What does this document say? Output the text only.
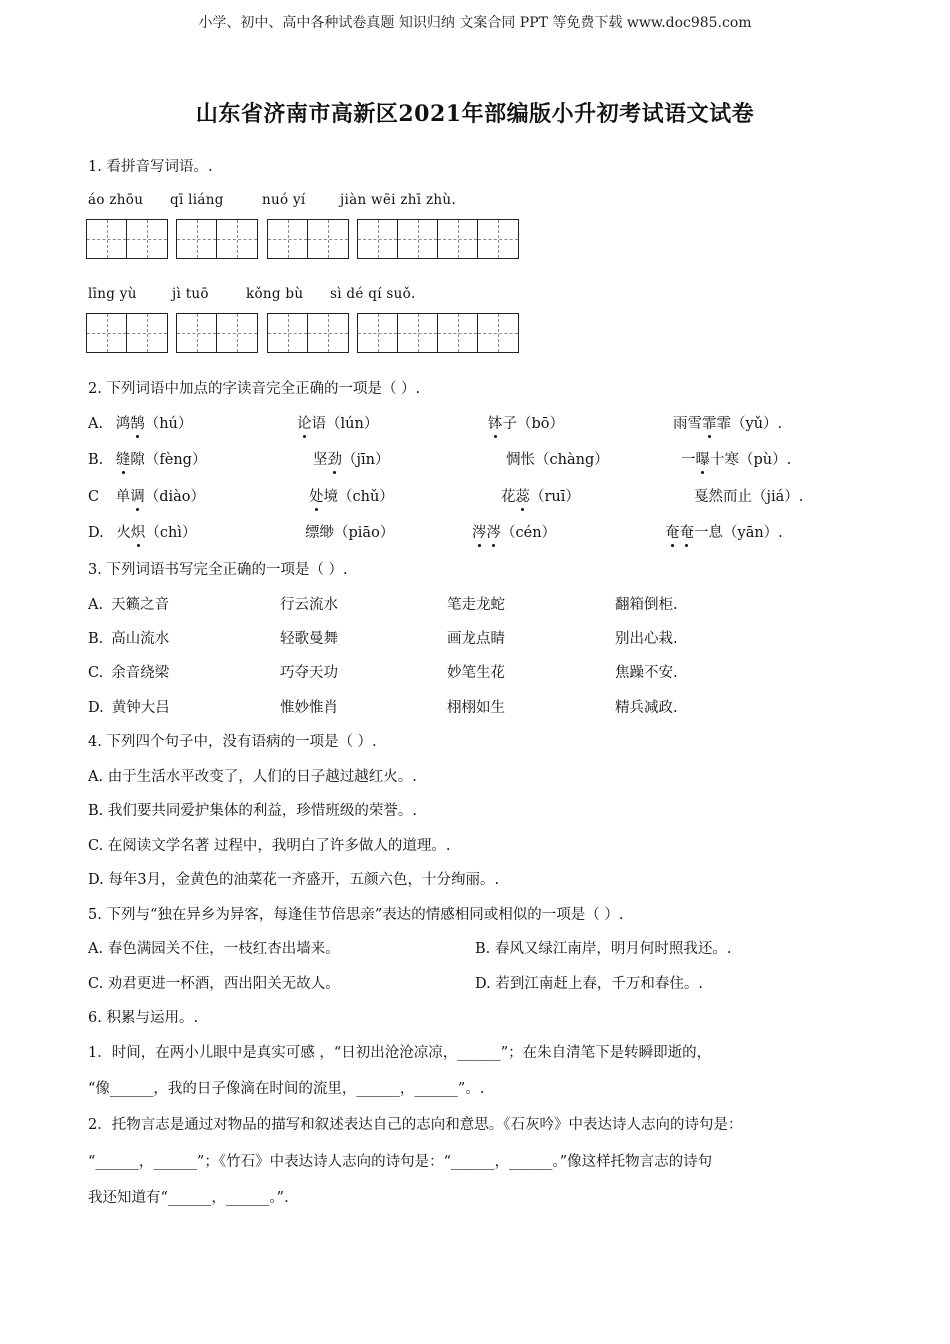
小学、初中、高中各种试卷真题 知识归纳 文案合同 PPT 等免费下载 www.doc985.com
山东省济南市高新区2021年部编版小升初考试语文试卷
1. 看拼音写词语。.
áo zhōu qī liáng	nuó yí	jiàn wēi zhī zhù.
līng yù	jì tuō	kǒng bù sì dé qí suǒ.
2. 下列词语中加点的字读音完全正确的一项是（ ）.
A. 鸿鹄（hú）	论语（lún）	钵子（bō）	雨雪霏霏（yǔ）.
B. 缝隙（fèng）	坚劲（jīn）	惆怅（chàng）	一曝十寒（pù）.
C 单调（diào）	处境（chǔ）	花蕊（ruī）	戛然而止（jiá）.
D. 火炽（chì）	缥缈（piāo）	涔涔（cén）	奄奄一息（yān）.
3. 下列词语书写完全正确的一项是（ ）.
A. 天籁之音	行云流水	笔走龙蛇	翻箱倒柜.
B. 高山流水	轻歌曼舞	画龙点睛	别出心栽.
C. 余音绕梁	巧夺天功	妙笔生花	焦躁不安.
D. 黄钟大吕	惟妙惟肖	栩栩如生	精兵减政.
4. 下列四个句子中，没有语病的一项是（ ）.
A. 由于生活水平改变了，人们的日子越过越红火。.
B. 我们要共同爱护集体的利益，珍惜班级的荣誉。.
C. 在阅读文学名著 过程中，我明白了许多做人的道理。.
D. 每年3月，金黄色的油菜花一齐盛开，五颜六色，十分绚丽。.
5. 下列与“独在异乡为异客，每逢佳节倍思亲”表达的情感相同或相似的一项是（ ）.
A. 春色满园关不住，一枝红杏出墙来。	B. 春风又绿江南岸，明月何时照我还。.
C. 劝君更进一杯酒，西出阳关无故人。	D. 若到江南赶上春，千万和春住。.
6. 积累与运用。.
1．时间，在两小儿眼中是真实可感 ，“日初出沧沧凉凉，______”；在朱自清笔下是转瞬即逝的，
“像______，我的日子像滴在时间的流里，______，______”。.
2．托物言志是通过对物品的描写和叙述表达自己的志向和意思。《石灰吟》中表达诗人志向的诗句是：
“______，______”；《竹石》中表达诗人志向的诗句是：“______，______。”像这样托物言志的诗句
我还知道有“______，______。”.
